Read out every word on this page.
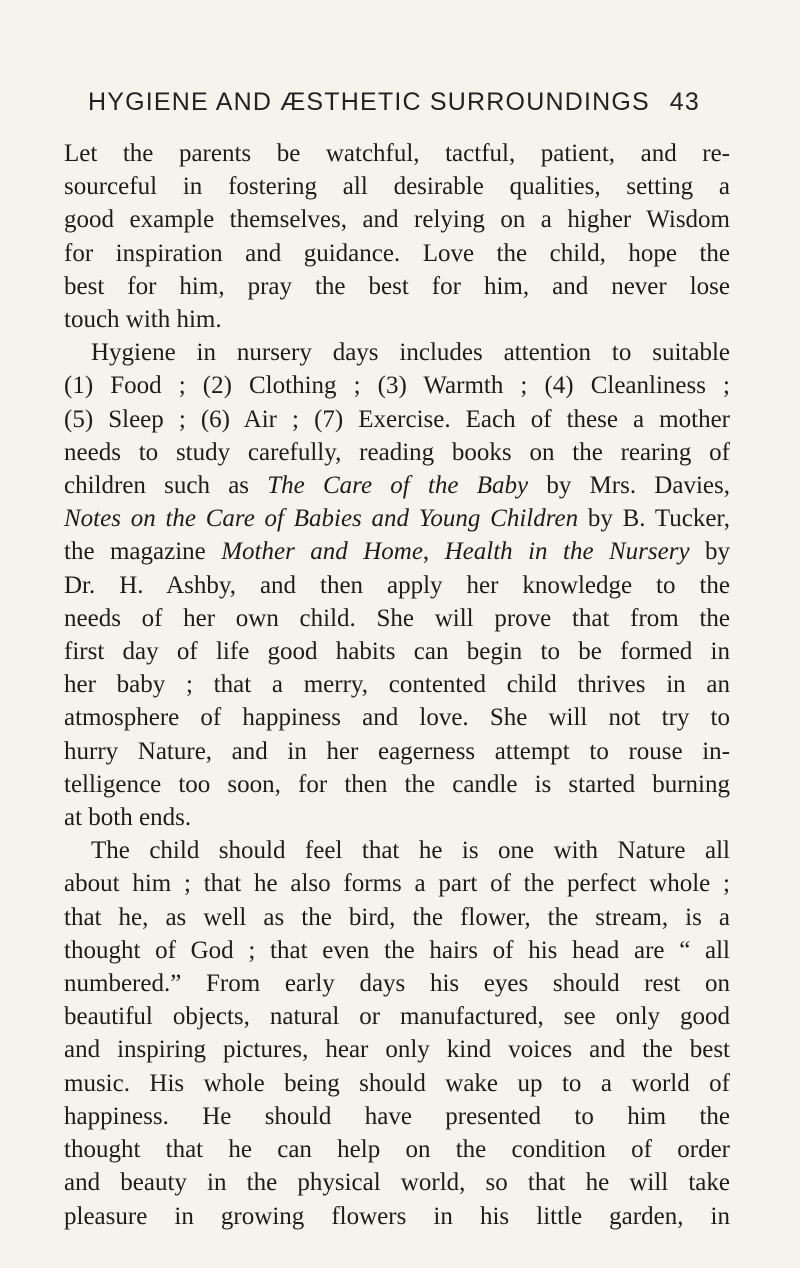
HYGIENE AND ÆSTHETIC SURROUNDINGS 43

Let the parents be watchful, tactful, patient, and re-
sourceful in fostering all desirable qualities, setting a
good example themselves, and relying on a higher Wisdom
for inspiration and guidance. Love the child, hope the
best for him, pray the best for him, and never lose
touch with him.

Hygiene in nursery days includes attention to suitable
(1) Food ; (2) Clothing ; (3) Warmth ; (4) Cleanliness ;
(5) Sleep ; (6) Air ; (7) Exercise. Each of these a mother
needs to study carefully, reading books on the rearing of
children such as The Care of the Baby by Mrs. Davies,
Notes on the Care of Babies and Young Children by B. Tucker,
the magazine Mother and Home, Health in the Nursery by
Dr. H. Ashby, and then apply her knowledge to the
needs of her own child. She will prove that from the
first day of life good habits can begin to be formed in
her baby ; that a merry, contented child thrives in an
atmosphere of happiness and love. She will not try to
hurry Nature, and in her eagerness attempt to rouse in-
telligence too soon, for then the candle is started burning
at both ends.

The child should feel that he is one with Nature all
about him ; that he also forms a part of the perfect whole ;
that he, as well as the bird, the flower, the stream, is a
thought of God ; that even the hairs of his head are “ all
numbered.” From early days his eyes should rest on
beautiful objects, natural or manufactured, see only good
and inspiring pictures, hear only kind voices and the best
music. His whole being should wake up to a world of
happiness. He should have presented to him the
thought that he can help on the condition of order
and beauty in the physical world, so that he will take
pleasure in growing flowers in his little garden, in
